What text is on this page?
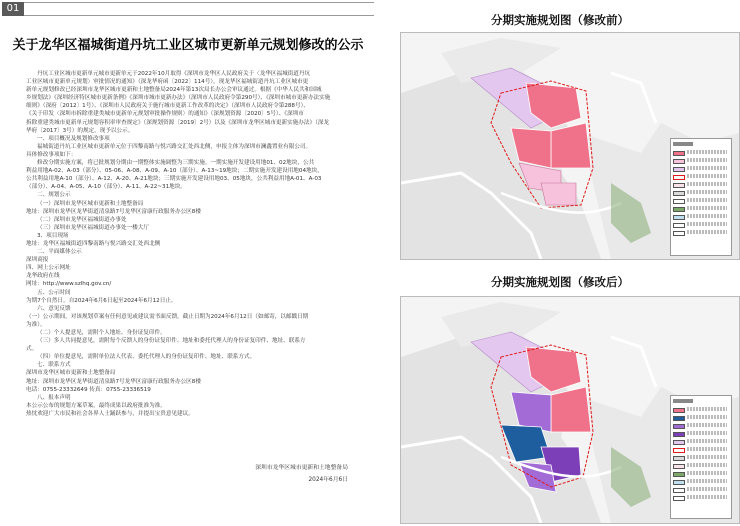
01
关于龙华区福城街道丹坑工业区城市更新单元规划修改的公示

丹坑工业区城市更新单元城市更新单元于2022年10月取得《深圳市龙华区人民政府关于〈龙华区福城街道丹坑

工业区城市更新单元规划〉审批情况的通知》（深龙华府函〔2022〕114号），现龙华区福城街道丹坑工业区城市更

新单元规划修改已经深圳市龙华区城市更新和土地整备局2024年第13次局长办公会审议通过。根据《中华人民共和国城

乡规划法》《深圳经济特区城市更新条例》《深圳市城市更新办法》（深圳市人民政府令第290号）、《深圳市城市更新办法实施

细则》（深府〔2012〕1号）、《深圳市人民政府关于施行城市更新工作改革的决定》（深圳市人民政府令第288号）、

《关于印发〈深圳市拆除重建类城市更新单元规划审批操作规则〉的通知》（深规划资源〔2020〕5号）、《深圳市

拆除重建类城市更新单元规划容积率审查规定》（深规划资源〔2019〕2号）以及《深圳市龙华区城市更新实施办法》（深龙

华府〔2017〕3号）的规定，现予以公示。

一、项目概况及规划修改事项

福城街道丹坑工业区城市更新单元位于四黎南路与悦兴路交汇处西北侧，申报主体为深圳市澜鑫置业有限公司。

具体修改事项如下：

修改分期实施方案，将已批规划分期由一期整体实施调整为三期实施。一期实施开发建设用地01、02地块，公共

利益用地A-02、A-03（部分）、05-06、A-08、A-09、A-10（部分）、A-13~19地块；二期实施开发建设用地04地块，

公共利益用地A-10（部分）、A-12、A-20、A-21地块；三期实施开发建设用地03、05地块，公共利益用地A-01、A-03

（部分）、A-04、A-05、A-10（部分）、A-11、A-22~31地块。

二、规划公示

（一）深圳市龙华区城市更新和土地整备局

地址：深圳市龙华区龙华街道清泉路7号龙华区富康行政服务办公区8楼

（二）深圳市龙华区福城街道办事处

（三）深圳市龙华区福城街道办事处一楼大厅

3、项目现场

地址：龙华区福城街道四黎南路与悦兴路交汇处西北侧

二、平面媒体公示

深圳商报

四、网上公示网址

龙华政府在线

网址：http://www.szlhq.gov.cn/

五、公示时间

为期7个自然日，自2024年6月6日起至2024年6月12日止。

六、意见反馈

（一）公示期间，对该规划草案有任何意见或建议需书面反馈，截止日期为2024年6月12日（如邮寄，以邮戳日期

为准）。

（二）个人提意见，需附个人地址、身份证复印件。

（三）多人共同提意见，需附每个反馈人的身份证复印件、地址和委托代理人的身份证复印件、地址、联系方

式。

（四）单位提意见，需附单位法人代表、委托代理人的身份证复印件、地址、联系方式。

七、联系方式

深圳市龙华区城市更新和土地整备局

地址：深圳市龙华区龙华街道清泉路7号龙华区富康行政服务办公区8楼

电话：0755-23332649 传真：0755-23336519

八、报本声明

本公示公布的规划方案草案，最终成果以政府批准为准。

热忱欢迎广大市民和社会各界人士踊跃参与，并提出宝贵意见建议。

深圳市龙华区城市更新和土地整备局
2024年6月6日
分期实施规划图（修改前）
分期实施规划图（修改后）
